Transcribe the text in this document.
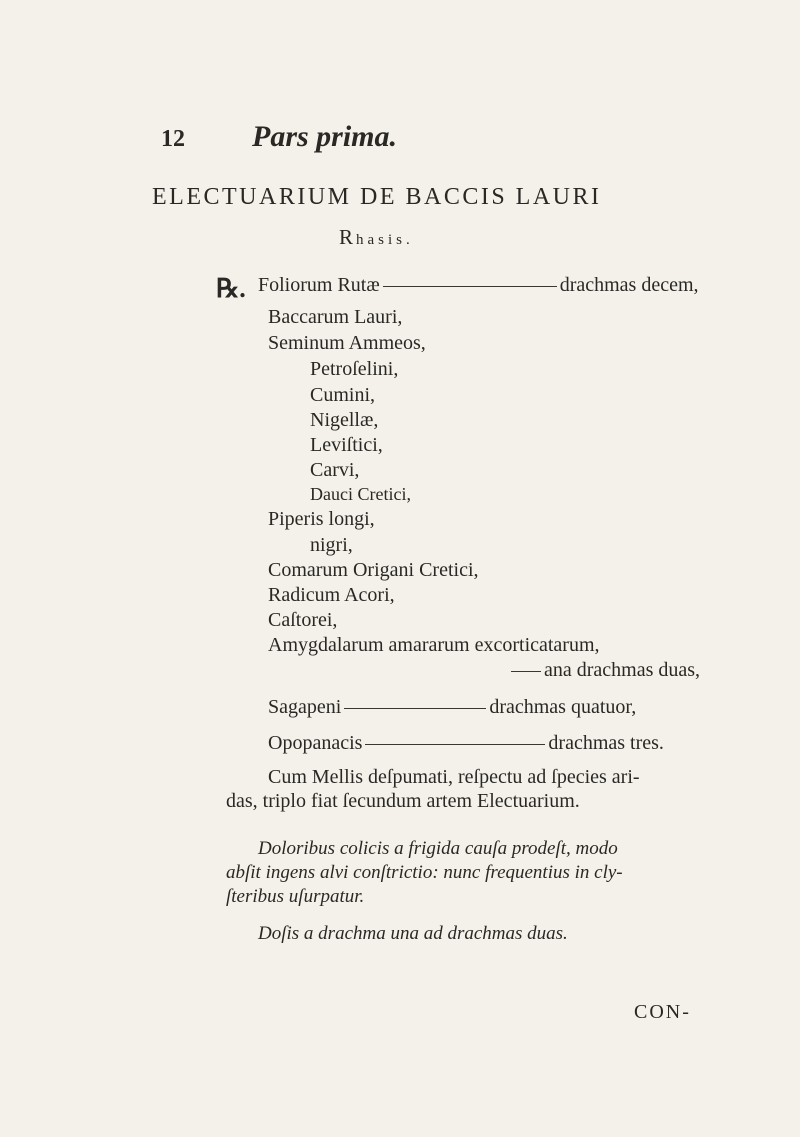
12 Pars prima.
ELECTUARIUM DE BACCIS LAURI
Rhasis.
℞. Foliorum Rutæ	drachmas decem,
Baccarum Lauri,
Seminum Ammeos,
Petroſelini,
Cumini,
Nigellæ,
Leviſtici,
Carvi,
Dauci Cretici,
Piperis longi,
nigri,
Comarum Origani Cretici,
Radicum Acori,
Caſtorei,
Amygdalarum amararum excorticatarum,
ana drachmas duas,
Sagapeni	drachmas quatuor,
Opopanacis	drachmas tres.
Cum Mellis deſpumati, reſpectu ad ſpecies ari-
das, triplo fiat ſecundum artem Electuarium.
Doloribus colicis a frigida cauſa prodeſt, modo
abſit ingens alvi conſtrictio: nunc frequentius in cly-
ſteribus uſurpatur.
Doſis a drachma una ad drachmas duas.
CON-
